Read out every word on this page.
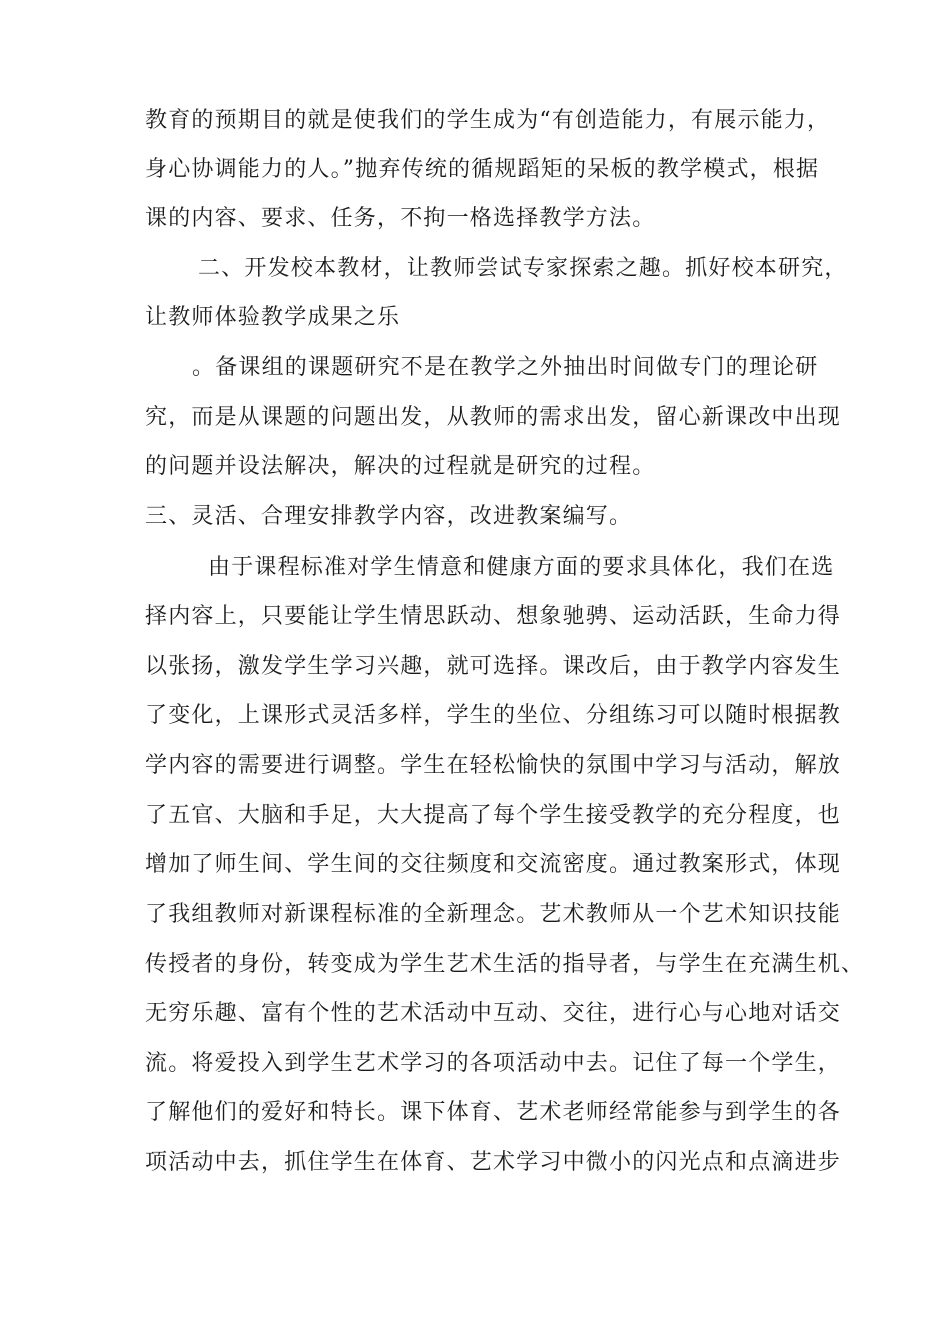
教育的预期目的就是使我们的学生成为“有创造能力，有展示能力，
身心协调能力的人。”抛弃传统的循规蹈矩的呆板的教学模式，根据
课的内容、要求、任务，不拘一格选择教学方法。
二、开发校本教材，让教师尝试专家探索之趣。抓好校本研究，
让教师体验教学成果之乐
。备课组的课题研究不是在教学之外抽出时间做专门的理论研
究，而是从课题的问题出发，从教师的需求出发，留心新课改中出现
的问题并设法解决，解决的过程就是研究的过程。
三、灵活、合理安排教学内容，改进教案编写。
由于课程标准对学生情意和健康方面的要求具体化，我们在选
择内容上，只要能让学生情思跃动、想象驰骋、运动活跃，生命力得
以张扬，激发学生学习兴趣，就可选择。课改后，由于教学内容发生
了变化，上课形式灵活多样，学生的坐位、分组练习可以随时根据教
学内容的需要进行调整。学生在轻松愉快的氛围中学习与活动，解放
了五官、大脑和手足，大大提高了每个学生接受教学的充分程度，也
增加了师生间、学生间的交往频度和交流密度。通过教案形式，体现
了我组教师对新课程标准的全新理念。艺术教师从一个艺术知识技能
传授者的身份，转变成为学生艺术生活的指导者，与学生在充满生机、
无穷乐趣、富有个性的艺术活动中互动、交往，进行心与心地对话交
流。将爱投入到学生艺术学习的各项活动中去。记住了每一个学生，
了解他们的爱好和特长。课下体育、艺术老师经常能参与到学生的各
项活动中去，抓住学生在体育、艺术学习中微小的闪光点和点滴进步
